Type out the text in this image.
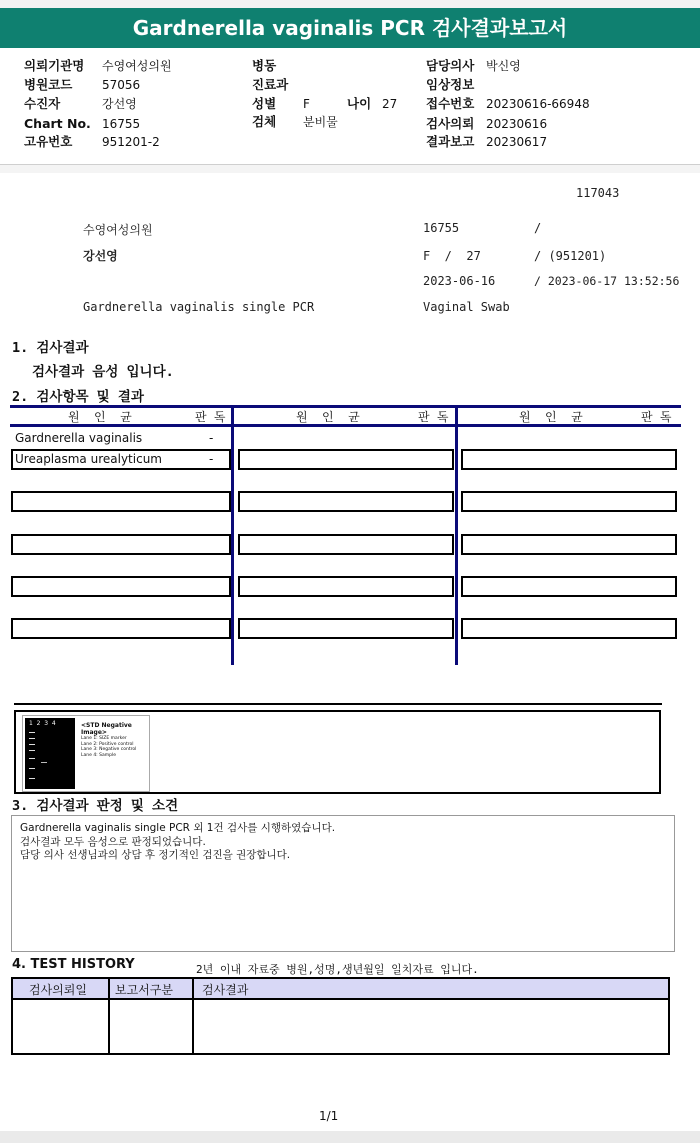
Gardnerella vaginalis PCR 검사결과보고서
의뢰기관명 수영여성의원
병원코드 57056
수진자	강선영
Chart No. 16755
고유번호 951201-2
병동
진료과
성별 F	나이 27
검체 분비물
담당의사 박신영
임상정보
접수번호 20230616-66948
검사의뢰 20230616
결과보고 20230617
117043
수영여성의원	16755	/
강선영	F  /  27	/ (951201)
2023-06-16	/ 2023-06-17 13:52:56
Gardnerella vaginalis single PCR	Vaginal Swab
1. 검사결과
검사결과 음성 입니다.
2. 검사항목 및 결과
원  인  균	판 독	원  인  균	판 독	원  인  균	판 독
Gardnerella vaginalis	-
Ureaplasma urealyticum	-
1  2  3  4	<STD Negative Image>
Lane 1: SIZE marker
Lane 2: Positive control
Lane 3: Negative control
Lane 4: Sample
3. 검사결과 판정 및 소견
Gardnerella vaginalis single PCR 외 1건 검사를 시행하였습니다.
검사결과 모두 음성으로 판정되었습니다.
담당 의사 선생님과의 상담 후 정기적인 검진을 권장합니다.
4. TEST HISTORY	2년 이내 자료중 병원,성명,생년월일 일치자료 입니다.
검사의뢰일 보고서구분 검사결과
1/1
